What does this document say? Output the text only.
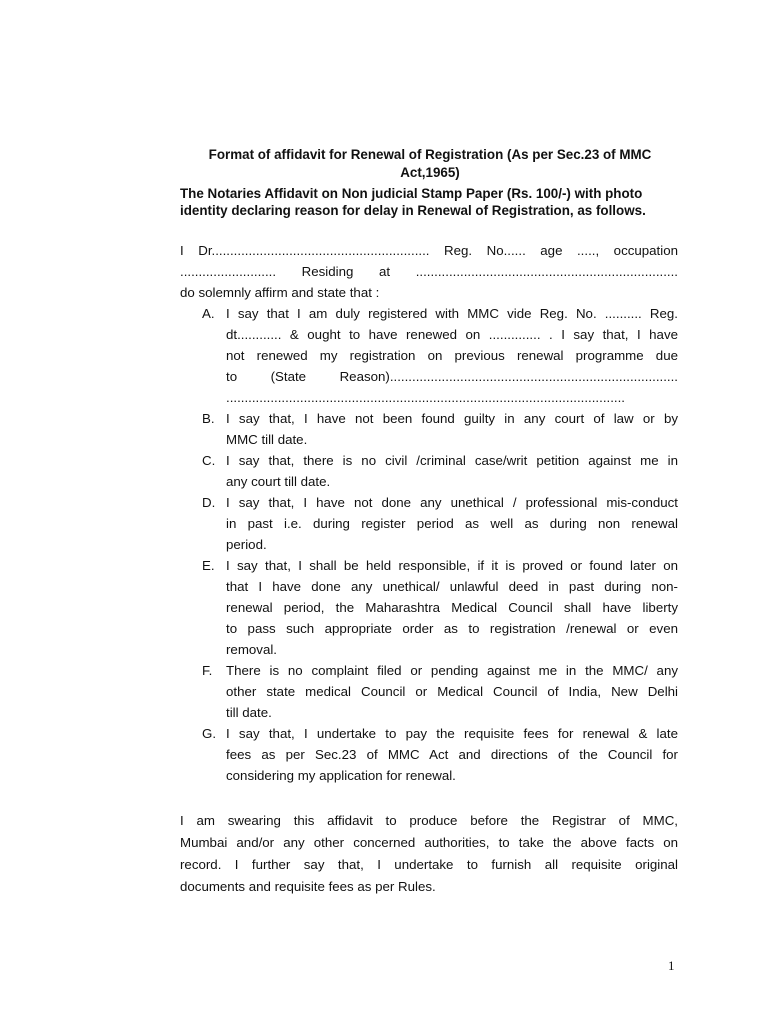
Format of affidavit for Renewal of Registration (As per Sec.23 of MMC Act,1965)
The Notaries Affidavit on Non judicial Stamp Paper (Rs. 100/-) with photo identity declaring reason for delay in Renewal of Registration, as follows.
I Dr........................................................... Reg. No...... age ....., occupation
.......................... Residing at .......................................................................
do solemnly affirm and state that :
A. I say that I am duly registered with MMC vide Reg. No. .......... Reg.
dt............ & ought to have renewed on .............. . I say that, I have
not renewed my registration on previous renewal programme due
to (State Reason)..............................................................................
............................................................................................................
B. I say that, I have not been found guilty in any court of law or by
MMC till date.
C. I say that, there is no civil /criminal case/writ petition against me in
any court till date.
D. I say that, I have not done any unethical / professional mis-conduct
in past i.e. during register period as well as during non renewal
period.
E. I say that, I shall be held responsible, if it is proved or found later on
that I have done any unethical/ unlawful deed in past during non-
renewal period, the Maharashtra Medical Council shall have liberty
to pass such appropriate order as to registration /renewal or even
removal.
F.	There is no complaint filed or pending against me in the MMC/ any
other state medical Council or Medical Council of India, New Delhi
till date.
G. I say that, I undertake to pay the requisite fees for renewal & late
fees as per Sec.23 of MMC Act and directions of the Council for
considering my application for renewal.
I am swearing this affidavit to produce before the Registrar of MMC,
Mumbai and/or any other concerned authorities, to take the above facts on
record. I further say that, I undertake to furnish all requisite original
documents and requisite fees as per Rules.
1
